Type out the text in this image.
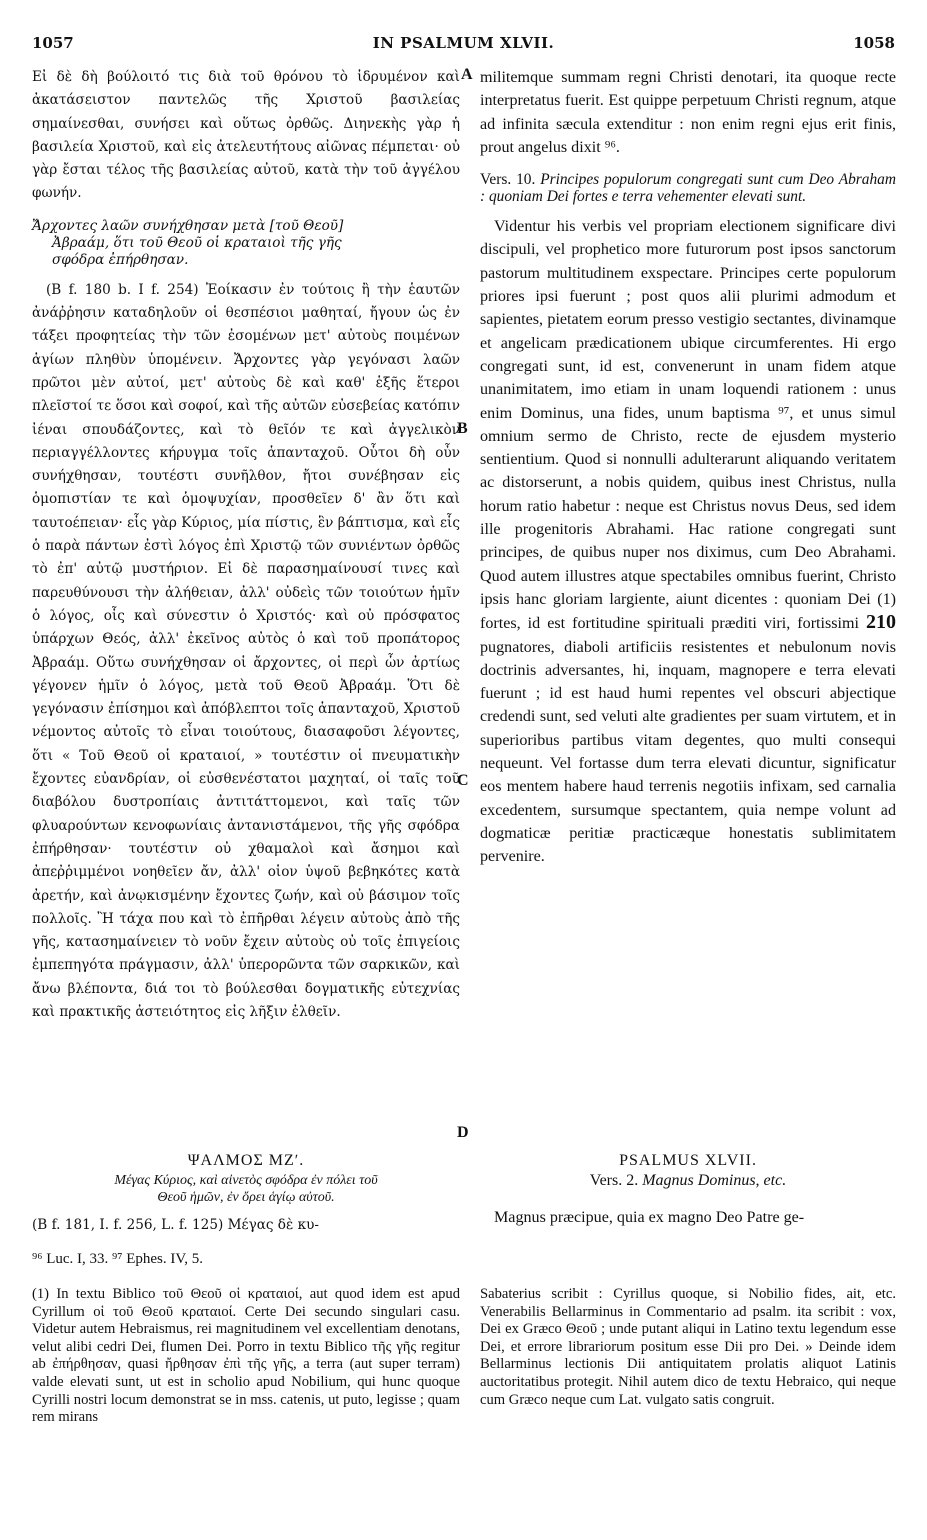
1057	IN PSALMUM XLVII.	1058
A
B
C
D

Εἰ δὲ δὴ βούλοιτό τις διὰ τοῦ θρόνου τὸ ἱδρυμένον καὶ ἀκατάσειστον παντελῶς τῆς Χριστοῦ βασιλείας σημαίνεσθαι, συνήσει καὶ οὕτως ὀρθῶς. Διηνεκὴς γὰρ ἡ βασιλεία Χριστοῦ, καὶ εἰς ἀτελευτήτους αἰῶνας πέμπεται· οὐ γὰρ ἔσται τέλος τῆς βασιλείας αὐτοῦ, κατὰ τὴν τοῦ ἀγγέλου φωνήν.

Ἄρχοντες λαῶν συνήχθησαν μετὰ [τοῦ Θεοῦ]
Ἀβραάμ, ὅτι τοῦ Θεοῦ οἱ κραταιοὶ τῆς γῆς
σφόδρα ἐπήρθησαν.

(B f. 180 b. I f. 254) Ἐοίκασιν ἐν τούτοις ἢ τὴν ἑαυτῶν ἀνάῤῥησιν καταδηλοῦν οἱ θεσπέσιοι μαθηταί, ἤγουν ὡς ἐν τάξει προφητείας τὴν τῶν ἐσομένων μετ' αὐτοὺς ποιμένων ἁγίων πληθὺν ὑπομένειν. Ἄρχοντες γὰρ γεγόνασι λαῶν πρῶτοι μὲν αὐτοί, μετ' αὐτοὺς δὲ καὶ καθ' ἑξῆς ἕτεροι πλεῖστοί τε ὅσοι καὶ σοφοί, καὶ τῆς αὐτῶν εὐσεβείας κατόπιν ἰέναι σπουδάζοντες, καὶ τὸ θεῖόν τε καὶ ἀγγελικὸν περιαγγέλλοντες κήρυγμα τοῖς ἁπανταχοῦ. Οὗτοι δὴ οὖν συνήχθησαν, τουτέστι συνῆλθον, ἤτοι συνέβησαν εἰς ὁμοπιστίαν τε καὶ ὁμοψυχίαν, προσθεῖεν δ' ἂν ὅτι καὶ ταυτοέπειαν· εἷς γὰρ Κύριος, μία πίστις, ἓν βάπτισμα, καὶ εἷς ὁ παρὰ πάντων ἐστὶ λόγος ἐπὶ Χριστῷ τῶν συνιέντων ὀρθῶς τὸ ἐπ' αὐτῷ μυστήριον. Εἰ δὲ παρασημαίνουσί τινες καὶ παρευθύνουσι τὴν ἀλήθειαν, ἀλλ' οὐδεὶς τῶν τοιούτων ἡμῖν ὁ λόγος, οἷς καὶ σύνεστιν ὁ Χριστός· καὶ οὐ πρόσφατος ὑπάρχων Θεός, ἀλλ' ἐκεῖνος αὐτὸς ὁ καὶ τοῦ προπάτορος Ἀβραάμ. Οὕτω συνήχθησαν οἱ ἄρχοντες, οἱ περὶ ὧν ἀρτίως γέγονεν ἡμῖν ὁ λόγος, μετὰ τοῦ Θεοῦ Ἀβραάμ. Ὅτι δὲ γεγόνασιν ἐπίσημοι καὶ ἀπόβλεπτοι τοῖς ἁπανταχοῦ, Χριστοῦ νέμοντος αὐτοῖς τὸ εἶναι τοιούτους, διασαφοῦσι λέγοντες, ὅτι « Τοῦ Θεοῦ οἱ κραταιοί, » τουτέστιν οἱ πνευματικὴν ἔχοντες εὐανδρίαν, οἱ εὐσθενέστατοι μαχηταί, οἱ ταῖς τοῦ διαβόλου δυστροπίαις ἀντιτάττομενοι, καὶ ταῖς τῶν φλυαρούντων κενοφωνίαις ἀντανιστάμενοι, τῆς γῆς σφόδρα ἐπήρθησαν· τουτέστιν οὐ χθαμαλοὶ καὶ ἄσημοι καὶ ἀπεῤῥιμμένοι νοηθεῖεν ἄν, ἀλλ' οἱον ὑψοῦ βεβηκότες κατὰ ἀρετήν, καὶ ἀνῳκισμένην ἔχοντες ζωήν, καὶ οὐ βάσιμον τοῖς πολλοῖς. Ἢ τάχα που καὶ τὸ ἐπῆρθαι λέγειν αὐτοὺς ἀπὸ τῆς γῆς, κατασημαίνειεν τὸ νοῦν ἔχειν αὐτοὺς οὐ τοῖς ἐπιγείοις ἐμπεπηγότα πράγμασιν, ἀλλ' ὑπερορῶντα τῶν σαρκικῶν, καὶ ἄνω βλέποντα, διά τοι τὸ βούλεσθαι δογματικῆς εὐτεχνίας καὶ πρακτικῆς ἀστειότητος εἰς λῆξιν ἐλθεῖν.

militemque summam regni Christi denotari, ita quoque recte interpretatus fuerit. Est quippe perpetuum Christi regnum, atque ad infinita sæcula extenditur : non enim regni ejus erit finis, prout angelus dixit ⁹⁶.

Vers. 10. Principes populorum congregati sunt cum Deo Abraham : quoniam Dei fortes e terra vehementer elevati sunt.

Videntur his verbis vel propriam electionem significare divi discipuli, vel prophetico more futurorum post ipsos sanctorum pastorum multitudinem exspectare. Principes certe populorum priores ipsi fuerunt ; post quos alii plurimi admodum et sapientes, pietatem eorum presso vestigio sectantes, divinamque et angelicam prædicationem ubique circumferentes. Hi ergo congregati sunt, id est, convenerunt in unam fidem atque unanimitatem, imo etiam in unam loquendi rationem : unus enim Dominus, una fides, unum baptisma ⁹⁷, et unus simul omnium sermo de Christo, recte de ejusdem mysterio sentientium. Quod si nonnulli adulterarunt aliquando veritatem ac distorserunt, a nobis quidem, quibus inest Christus, nulla horum ratio habetur : neque est Christus novus Deus, sed idem ille progenitoris Abrahami. Hac ratione congregati sunt principes, de quibus nuper nos diximus, cum Deo Abrahami. Quod autem illustres atque spectabiles omnibus fuerint, Christo ipsis hanc gloriam largiente, aiunt dicentes : quoniam Dei (1) fortes, id est fortitudine spirituali præditi viri, fortissimi 210 pugnatores, diaboli artificiis resistentes et nebulonum novis doctrinis adversantes, hi, inquam, magnopere e terra elevati fuerunt ; id est haud humi repentes vel obscuri abjectique credendi sunt, sed veluti alte gradientes per suam virtutem, et in superioribus partibus vitam degentes, quo multi consequi nequeunt. Vel fortasse dum terra elevati dicuntur, significatur eos mentem habere haud terrenis negotiis infixam, sed carnalia excedentem, sursumque spectantem, quia nempe volunt ad dogmaticæ peritiæ practicæque honestatis sublimitatem pervenire.

ΨΑΛΜΟΣ ΜΖʹ.

Μέγας Κύριος, καὶ αἰνετὸς σφόδρα ἐν πόλει τοῦ
Θεοῦ ἡμῶν, ἐν ὄρει ἁγίῳ αὐτοῦ.

(B f. 181, I. f. 256, L. f. 125) Μέγας δὲ κυ-

PSALMUS XLVII.

Vers. 2. Magnus Dominus, etc.

Magnus præcipue, quia ex magno Deo Patre ge-

⁹⁶ Luc. I, 33. ⁹⁷ Ephes. IV, 5.
(1) In textu Biblico τοῦ Θεοῦ οἱ κραταιοί, aut quod idem est apud Cyrillum οἱ τοῦ Θεοῦ κραταιοί. Certe Dei secundo singulari casu. Videtur autem Hebraismus, rei magnitudinem vel excellentiam denotans, velut alibi cedri Dei, flumen Dei. Porro in textu Biblico τῆς γῆς regitur ab ἐπήρθησαν, quasi ἤρθησαν ἐπὶ τῆς γῆς, a terra (aut super terram) valde elevati sunt, ut est in scholio apud Nobilium, qui hunc quoque Cyrilli nostri locum demonstrat se in mss. catenis, ut puto, legisse ; quam rem mirans
Sabaterius scribit : Cyrillus quoque, si Nobilio fides, ait, etc. Venerabilis Bellarminus in Commentario ad psalm. ita scribit : vox, Dei ex Græco Θεοῦ ; unde putant aliqui in Latino textu legendum esse Dei, et errore librariorum positum esse Dii pro Dei. » Deinde idem Bellarminus lectionis Dii antiquitatem prolatis aliquot Latinis auctoritatibus protegit. Nihil autem dico de textu Hebraico, qui neque cum Græco neque cum Lat. vulgato satis congruit.
